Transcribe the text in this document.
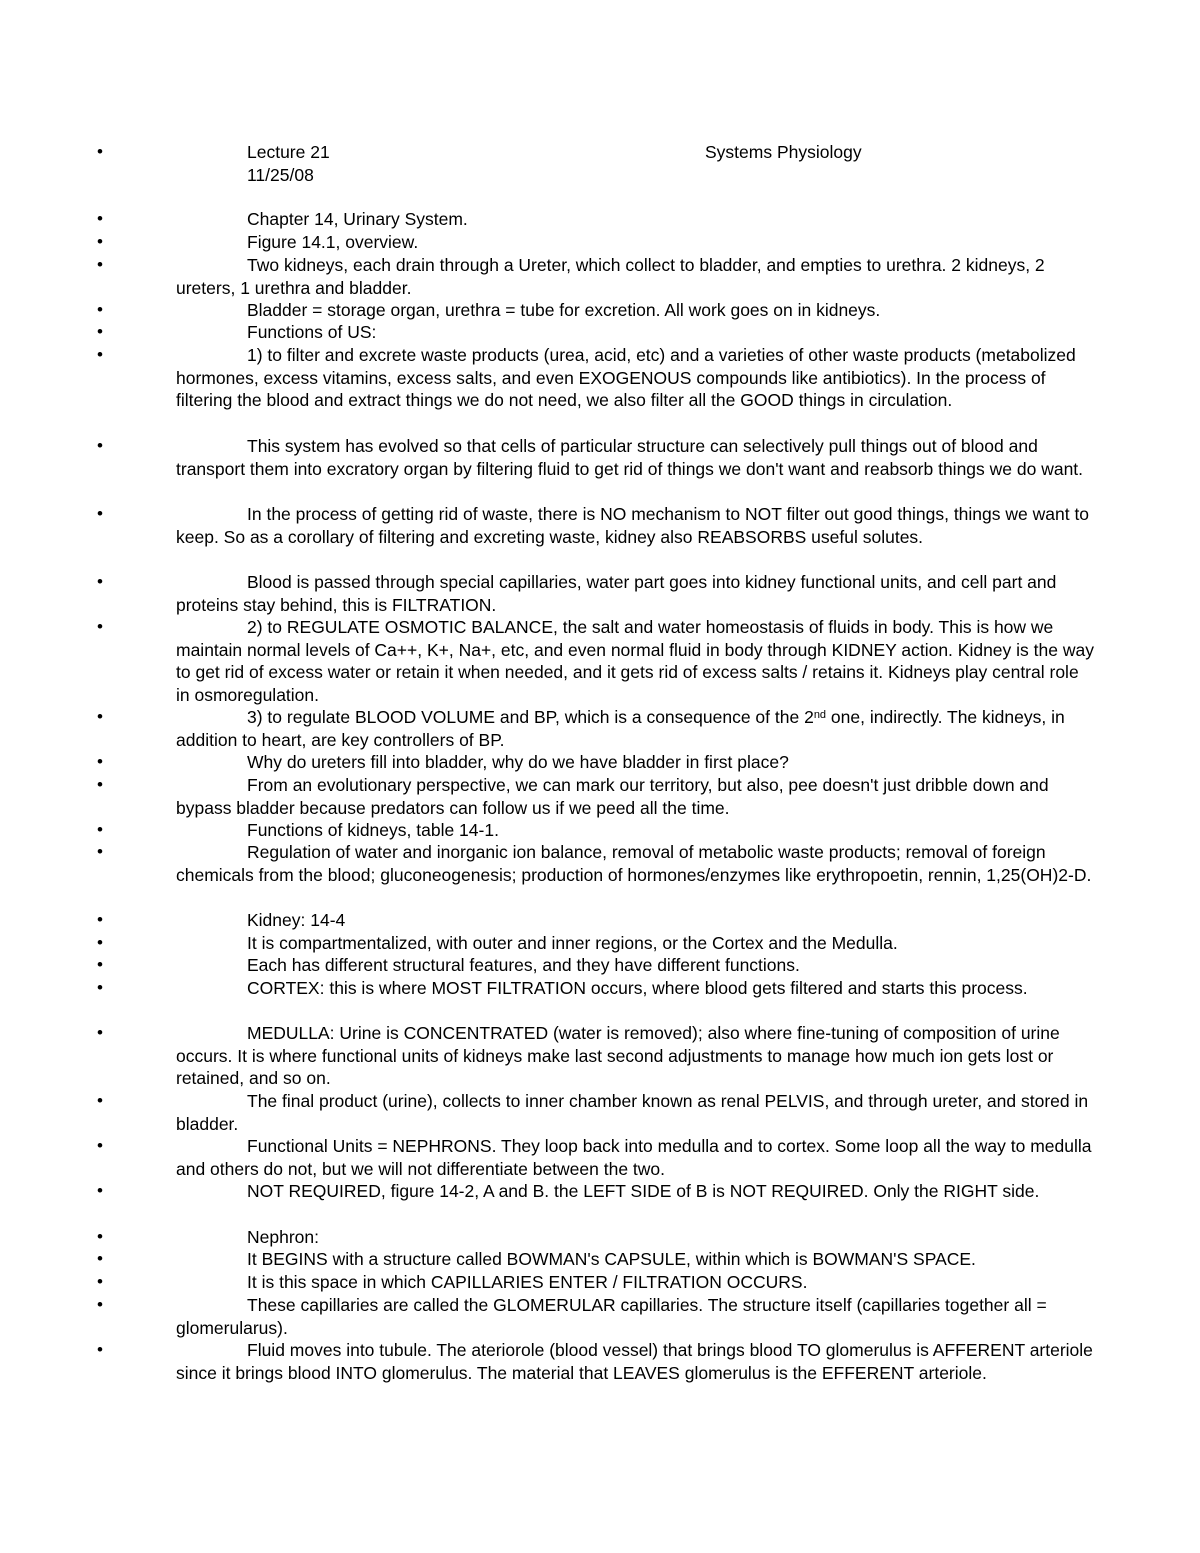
•	Lecture 21	Systems Physiology
11/25/08
•	Chapter 14, Urinary System.
•	Figure 14.1, overview.
•	Two kidneys, each drain through a Ureter, which collect to bladder, and empties to urethra. 2 kidneys, 2 ureters, 1 urethra and bladder.
•	Bladder = storage organ, urethra = tube for excretion. All work goes on in kidneys.
•	Functions of US:
•	1) to filter and excrete waste products (urea, acid, etc) and a varieties of other waste products (metabolized hormones, excess vitamins, excess salts, and even EXOGENOUS compounds like antibiotics). In the process of filtering the blood and extract things we do not need, we also filter all the GOOD things in circulation.
•	This system has evolved so that cells of particular structure can selectively pull things out of blood and transport them into excratory organ by filtering fluid to get rid of things we don't want and reabsorb things we do want.
•	In the process of getting rid of waste, there is NO mechanism to NOT filter out good things, things we want to keep. So as a corollary of filtering and excreting waste, kidney also REABSORBS useful solutes.
•	Blood is passed through special capillaries, water part goes into kidney functional units, and cell part and proteins stay behind, this is FILTRATION.
•	2) to REGULATE OSMOTIC BALANCE, the salt and water homeostasis of fluids in body. This is how we maintain normal levels of Ca++, K+, Na+, etc, and even normal fluid in body through KIDNEY action. Kidney is the way to get rid of excess water or retain it when needed, and it gets rid of excess salts / retains it. Kidneys play central role in osmoregulation.
•	3) to regulate BLOOD VOLUME and BP, which is a consequence of the 2nd one, indirectly. The kidneys, in addition to heart, are key controllers of BP.
•	Why do ureters fill into bladder, why do we have bladder in first place?
•	From an evolutionary perspective, we can mark our territory, but also, pee doesn't just dribble down and bypass bladder because predators can follow us if we peed all the time.
•	Functions of kidneys, table 14-1.
•	Regulation of water and inorganic ion balance, removal of metabolic waste products; removal of foreign chemicals from the blood; gluconeogenesis; production of hormones/enzymes like erythropoetin, rennin, 1,25(OH)2-D.
•	Kidney: 14-4
•	It is compartmentalized, with outer and inner regions, or the Cortex and the Medulla.
•	Each has different structural features, and they have different functions.
•	CORTEX: this is where MOST FILTRATION occurs, where blood gets filtered and starts this process.
•	MEDULLA: Urine is CONCENTRATED (water is removed); also where fine-tuning of composition of urine occurs. It is where functional units of kidneys make last second adjustments to manage how much ion gets lost or retained, and so on.
•	The final product (urine), collects to inner chamber known as renal PELVIS, and through ureter, and stored in bladder.
•	Functional Units = NEPHRONS. They loop back into medulla and to cortex. Some loop all the way to medulla and others do not, but we will not differentiate between the two.
•	NOT REQUIRED, figure 14-2, A and B. the LEFT SIDE of B is NOT REQUIRED. Only the RIGHT side.
•	Nephron:
•	It BEGINS with a structure called BOWMAN's CAPSULE, within which is BOWMAN'S SPACE.
•	It is this space in which CAPILLARIES ENTER / FILTRATION OCCURS.
•	These capillaries are called the GLOMERULAR capillaries. The structure itself (capillaries together all = glomerularus).
•	Fluid moves into tubule. The ateriorole (blood vessel) that brings blood TO glomerulus is AFFERENT arteriole since it brings blood INTO glomerulus. The material that LEAVES glomerulus is the EFFERENT arteriole.
